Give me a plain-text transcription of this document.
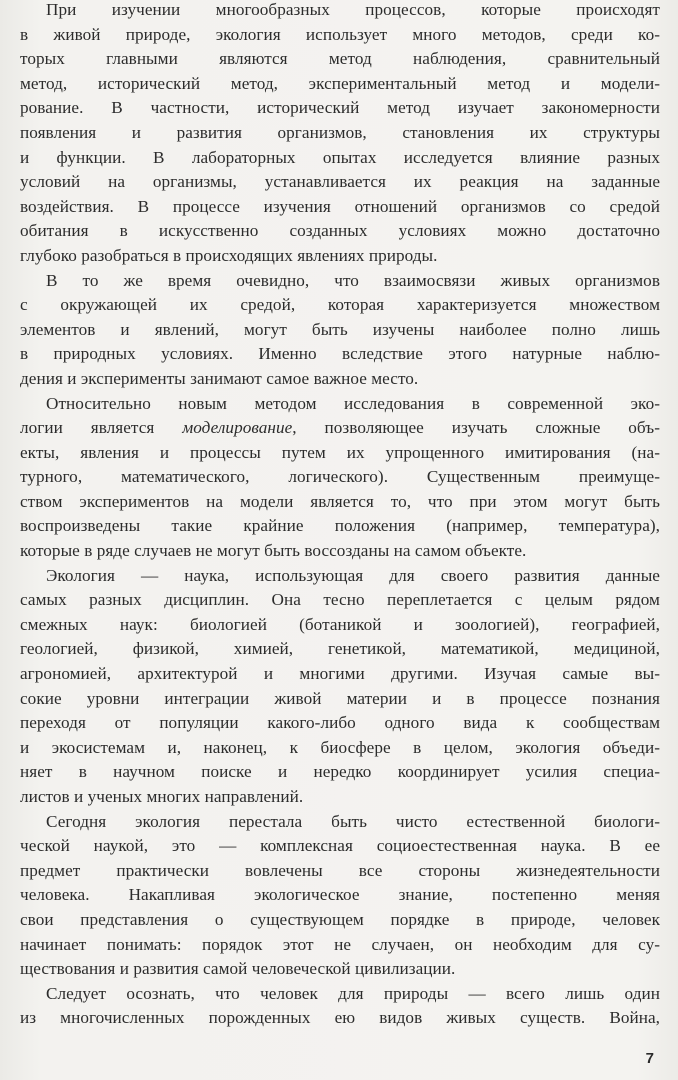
При изучении многообразных процессов, которые происходят
в живой природе, экология использует много методов, среди ко-
торых главными являются метод наблюдения, сравнительный
метод, исторический метод, экспериментальный метод и модели-
рование. В частности, исторический метод изучает закономерности
появления и развития организмов, становления их структуры
и функции. В лабораторных опытах исследуется влияние разных
условий на организмы, устанавливается их реакция на заданные
воздействия. В процессе изучения отношений организмов со средой
обитания в искусственно созданных условиях можно достаточно
глубоко разобраться в происходящих явлениях природы.
В то же время очевидно, что взаимосвязи живых организмов
с окружающей их средой, которая характеризуется множеством
элементов и явлений, могут быть изучены наиболее полно лишь
в природных условиях. Именно вследствие этого натурные наблю-
дения и эксперименты занимают самое важное место.
Относительно новым методом исследования в современной эко-
логии является моделирование, позволяющее изучать сложные объ-
екты, явления и процессы путем их упрощенного имитирования (на-
турного, математического, логического). Существенным преимуще-
ством экспериментов на модели является то, что при этом могут быть
воспроизведены такие крайние положения (например, температура),
которые в ряде случаев не могут быть воссозданы на самом объекте.
Экология — наука, использующая для своего развития данные
самых разных дисциплин. Она тесно переплетается с целым рядом
смежных наук: биологией (ботаникой и зоологией), географией,
геологией, физикой, химией, генетикой, математикой, медициной,
агрономией, архитектурой и многими другими. Изучая самые вы-
сокие уровни интеграции живой материи и в процессе познания
переходя от популяции какого-либо одного вида к сообществам
и экосистемам и, наконец, к биосфере в целом, экология объеди-
няет в научном поиске и нередко координирует усилия специа-
листов и ученых многих направлений.
Сегодня экология перестала быть чисто естественной биологи-
ческой наукой, это — комплексная социоестественная наука. В ее
предмет практически вовлечены все стороны жизнедеятельности
человека. Накапливая экологическое знание, постепенно меняя
свои представления о существующем порядке в природе, человек
начинает понимать: порядок этот не случаен, он необходим для су-
ществования и развития самой человеческой цивилизации.
Следует осознать, что человек для природы — всего лишь один
из многочисленных порожденных ею видов живых существ. Война,
7
